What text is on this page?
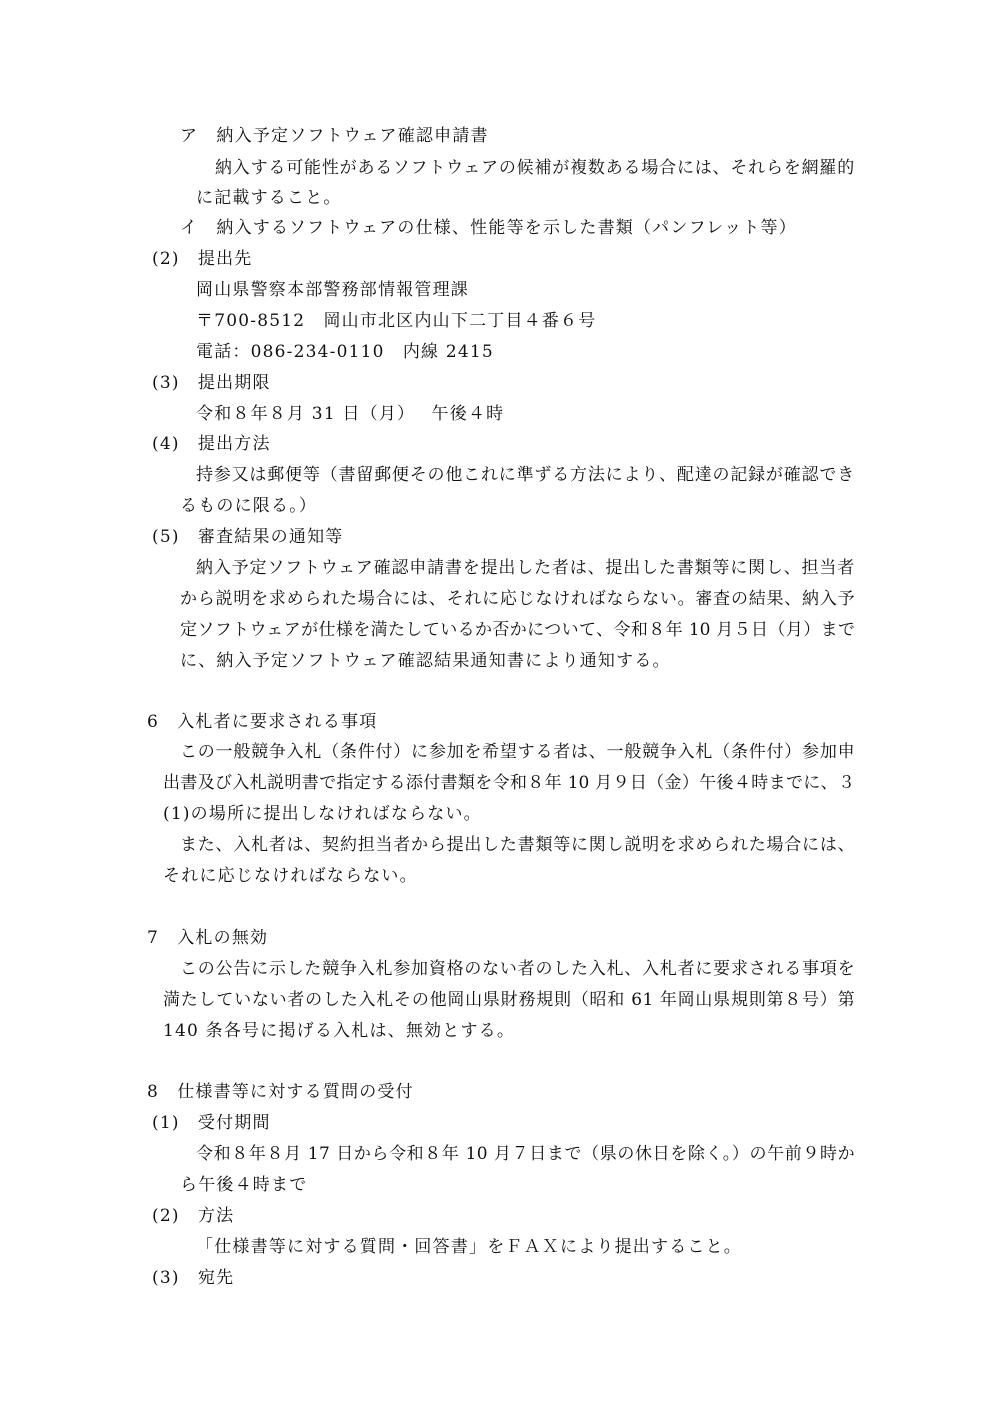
ア　納入予定ソフトウェア確認申請書
納入する可能性があるソフトウェアの候補が複数ある場合には、それらを網羅的
に記載すること。
イ　納入するソフトウェアの仕様、性能等を示した書類（パンフレット等）
(2)　提出先
岡山県警察本部警務部情報管理課
〒700-8512　岡山市北区内山下二丁目４番６号
電話：086-234-0110　内線 2415
(3)　提出期限
令和８年８月 31 日（月）　 午後４時
(4)　提出方法
持参又は郵便等（書留郵便その他これに準ずる方法により、配達の記録が確認でき
るものに限る。）
(5)　審査結果の通知等
納入予定ソフトウェア確認申請書を提出した者は、提出した書類等に関し、担当者
から説明を求められた場合には、それに応じなければならない。審査の結果、納入予
定ソフトウェアが仕様を満たしているか否かについて、令和８年 10 月５日（月）まで
に、納入予定ソフトウェア確認結果通知書により通知する。
6　入札者に要求される事項
この一般競争入札（条件付）に参加を希望する者は、一般競争入札（条件付）参加申
出書及び入札説明書で指定する添付書類を令和８年 10 月９日（金）午後４時までに、３
(1)の場所に提出しなければならない。
また、入札者は、契約担当者から提出した書類等に関し説明を求められた場合には、
それに応じなければならない。
7　入札の無効
この公告に示した競争入札参加資格のない者のした入札、入札者に要求される事項を
満たしていない者のした入札その他岡山県財務規則（昭和 61 年岡山県規則第８号）第
140 条各号に掲げる入札は、無効とする。
8　仕様書等に対する質問の受付
(1)　受付期間
令和８年８月 17 日から令和８年 10 月７日まで（県の休日を除く。）の午前９時か
ら午後４時まで
(2)　方法
「仕様書等に対する質問・回答書」をＦＡＸにより提出すること。
(3)　宛先
